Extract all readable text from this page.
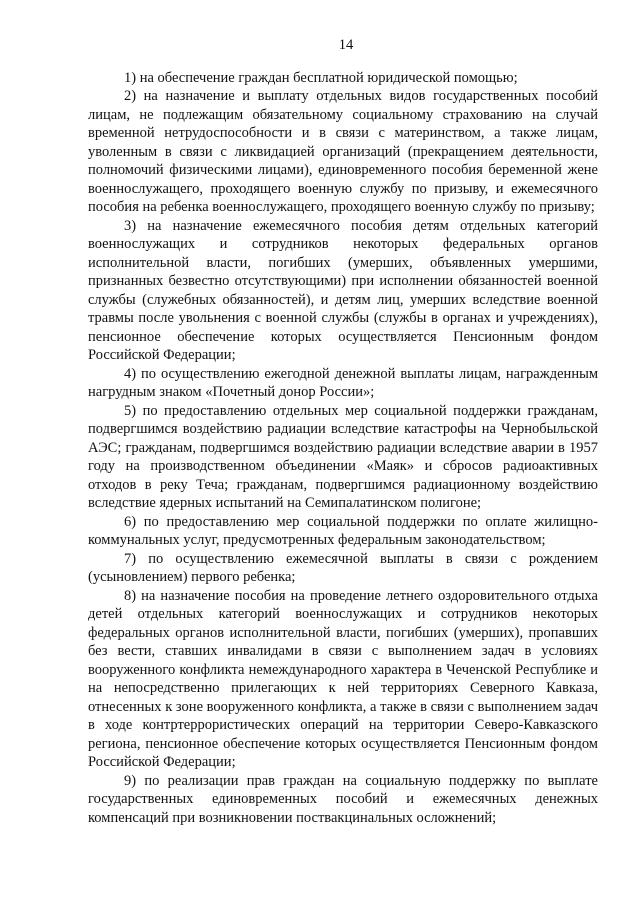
14

1) на обеспечение граждан бесплатной юридической помощью;

2) на назначение и выплату отдельных видов государственных пособий лицам, не подлежащим обязательному социальному страхованию на случай временной нетрудоспособности и в связи с материнством, а также лицам, уволенным в связи с ликвидацией организаций (прекращением деятельности, полномочий физическими лицами), единовременного пособия беременной жене военнослужащего, проходящего военную службу по призыву, и ежемесячного пособия на ребенка военнослужащего, проходящего военную службу по призыву;

3) на назначение ежемесячного пособия детям отдельных категорий военнослужащих и сотрудников некоторых федеральных органов исполнительной власти, погибших (умерших, объявленных умершими, признанных безвестно отсутствующими) при исполнении обязанностей военной службы (служебных обязанностей), и детям лиц, умерших вследствие военной травмы после увольнения с военной службы (службы в органах и учреждениях), пенсионное обеспечение которых осуществляется Пенсионным фондом Российской Федерации;

4) по осуществлению ежегодной денежной выплаты лицам, награжденным нагрудным знаком «Почетный донор России»;

5) по предоставлению отдельных мер социальной поддержки гражданам, подвергшимся воздействию радиации вследствие катастрофы на Чернобыльской АЭС; гражданам, подвергшимся воздействию радиации вследствие аварии в 1957 году на производственном объединении «Маяк» и сбросов радиоактивных отходов в реку Теча; гражданам, подвергшимся радиационному воздействию вследствие ядерных испытаний на Семипалатинском полигоне;

6) по предоставлению мер социальной поддержки по оплате жилищно-коммунальных услуг, предусмотренных федеральным законодательством;

7) по осуществлению ежемесячной выплаты в связи с рождением (усыновлением) первого ребенка;

8) на назначение пособия на проведение летнего оздоровительного отдыха детей отдельных категорий военнослужащих и сотрудников некоторых федеральных органов исполнительной власти, погибших (умерших), пропавших без вести, ставших инвалидами в связи с выполнением задач в условиях вооруженного конфликта немеждународного характера в Чеченской Республике и на непосредственно прилегающих к ней территориях Северного Кавказа, отнесенных к зоне вооруженного конфликта, а также в связи с выполнением задач в ходе контртеррористических операций на территории Северо-Кавказского региона, пенсионное обеспечение которых осуществляется Пенсионным фондом Российской Федерации;

9) по реализации прав граждан на социальную поддержку по выплате государственных единовременных пособий и ежемесячных денежных компенсаций при возникновении поствакцинальных осложнений;
